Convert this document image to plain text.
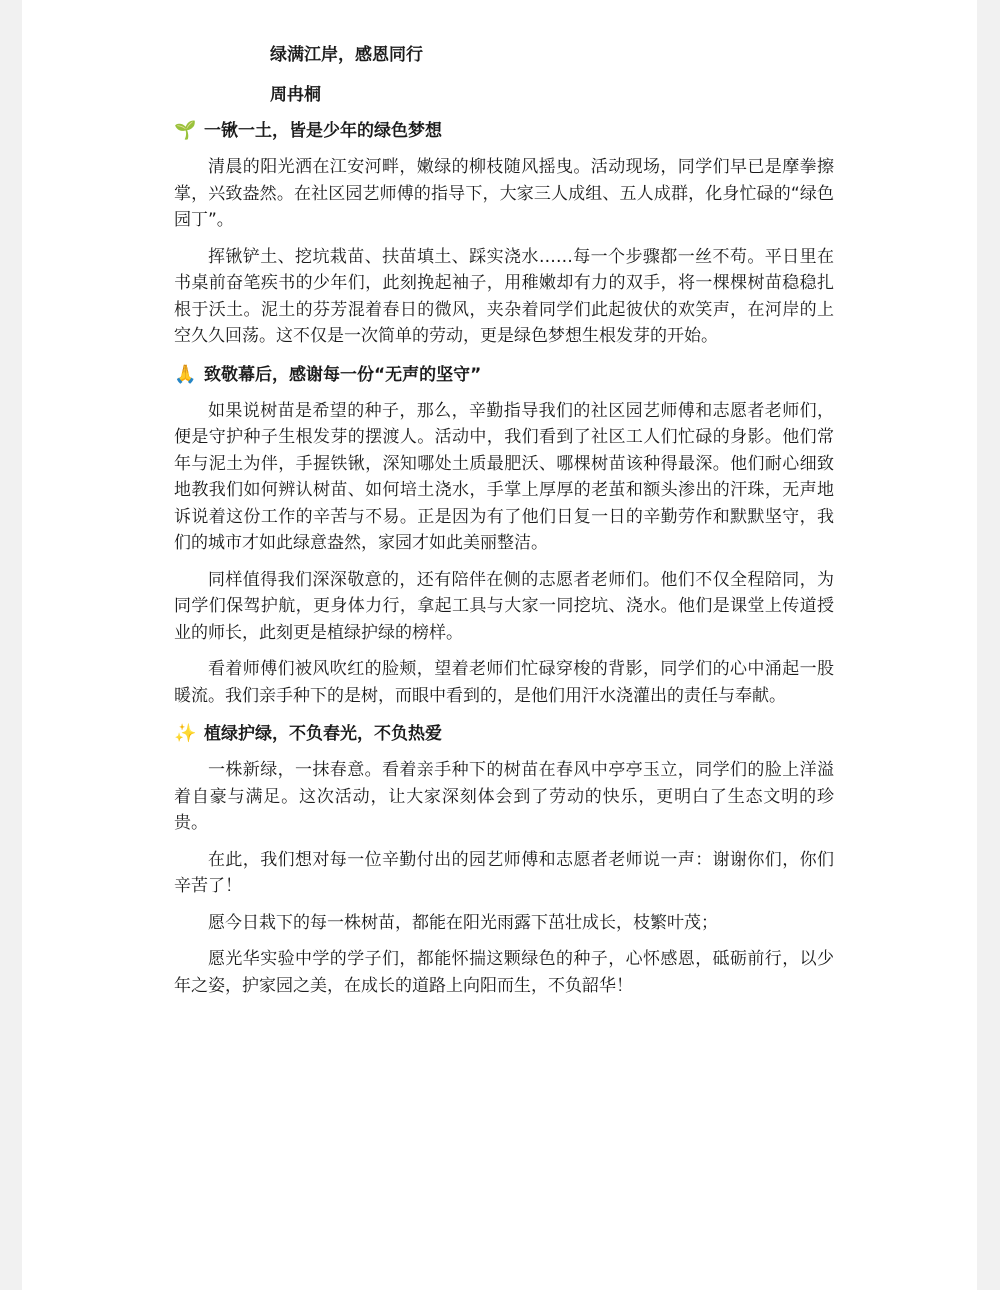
绿满江岸，感恩同行
周冉桐
🌱 一锹一土，皆是少年的绿色梦想

清晨的阳光洒在江安河畔，嫩绿的柳枝随风摇曳。活动现场，同学们早已是摩拳擦掌，兴致盎然。在社区园艺师傅的指导下，大家三人成组、五人成群，化身忙碌的“绿色园丁”。

挥锹铲土、挖坑栽苗、扶苗填土、踩实浇水……每一个步骤都一丝不苟。平日里在书桌前奋笔疾书的少年们，此刻挽起袖子，用稚嫩却有力的双手，将一棵棵树苗稳稳扎根于沃土。泥土的芬芳混着春日的微风，夹杂着同学们此起彼伏的欢笑声，在河岸的上空久久回荡。这不仅是一次简单的劳动，更是绿色梦想生根发芽的开始。

🙏 致敬幕后，感谢每一份“无声的坚守”

如果说树苗是希望的种子，那么，辛勤指导我们的社区园艺师傅和志愿者老师们，便是守护种子生根发芽的摆渡人。活动中，我们看到了社区工人们忙碌的身影。他们常年与泥土为伴，手握铁锹，深知哪处土质最肥沃、哪棵树苗该种得最深。他们耐心细致地教我们如何辨认树苗、如何培土浇水，手掌上厚厚的老茧和额头渗出的汗珠，无声地诉说着这份工作的辛苦与不易。正是因为有了他们日复一日的辛勤劳作和默默坚守，我们的城市才如此绿意盎然，家园才如此美丽整洁。

同样值得我们深深敬意的，还有陪伴在侧的志愿者老师们。他们不仅全程陪同，为同学们保驾护航，更身体力行，拿起工具与大家一同挖坑、浇水。他们是课堂上传道授业的师长，此刻更是植绿护绿的榜样。

看着师傅们被风吹红的脸颊，望着老师们忙碌穿梭的背影，同学们的心中涌起一股暖流。我们亲手种下的是树，而眼中看到的，是他们用汗水浇灌出的责任与奉献。

✨ 植绿护绿，不负春光，不负热爱

一株新绿，一抹春意。看着亲手种下的树苗在春风中亭亭玉立，同学们的脸上洋溢着自豪与满足。这次活动，让大家深刻体会到了劳动的快乐，更明白了生态文明的珍贵。

在此，我们想对每一位辛勤付出的园艺师傅和志愿者老师说一声：谢谢你们，你们辛苦了！

愿今日栽下的每一株树苗，都能在阳光雨露下茁壮成长，枝繁叶茂；

愿光华实验中学的学子们，都能怀揣这颗绿色的种子，心怀感恩，砥砺前行，以少年之姿，护家园之美，在成长的道路上向阳而生，不负韶华！
